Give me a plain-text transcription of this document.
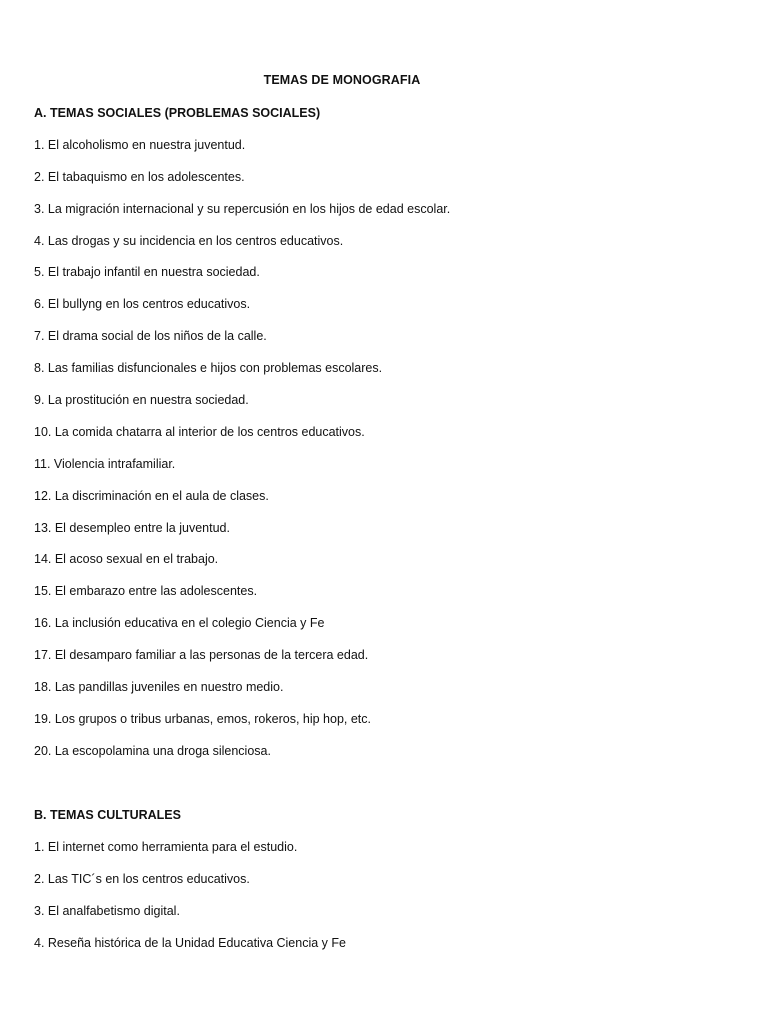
TEMAS DE MONOGRAFIA
A. TEMAS SOCIALES (PROBLEMAS SOCIALES)
1. El alcoholismo en nuestra juventud.
2. El tabaquismo en los adolescentes.
3. La migración internacional y su repercusión en los hijos de edad escolar.
4. Las drogas y su incidencia en los centros educativos.
5. El trabajo infantil en nuestra sociedad.
6. El bullyng en los centros educativos.
7. El drama social de los niños de la calle.
8. Las familias disfuncionales e hijos con problemas escolares.
9. La prostitución en nuestra sociedad.
10. La comida chatarra al interior de los centros educativos.
11. Violencia intrafamiliar.
12. La discriminación en el aula de clases.
13. El desempleo entre la juventud.
14. El acoso sexual en el trabajo.
15. El embarazo entre las adolescentes.
16. La inclusión educativa en el colegio Ciencia y Fe
17. El desamparo familiar a las personas de la tercera edad.
18. Las pandillas juveniles en nuestro medio.
19. Los grupos o tribus urbanas, emos, rokeros, hip hop, etc.
20. La escopolamina una droga silenciosa.
B. TEMAS CULTURALES
1. El internet como herramienta para el estudio.
2. Las TIC´s en los centros educativos.
3. El analfabetismo digital.
4. Reseña histórica de la Unidad Educativa Ciencia y Fe
